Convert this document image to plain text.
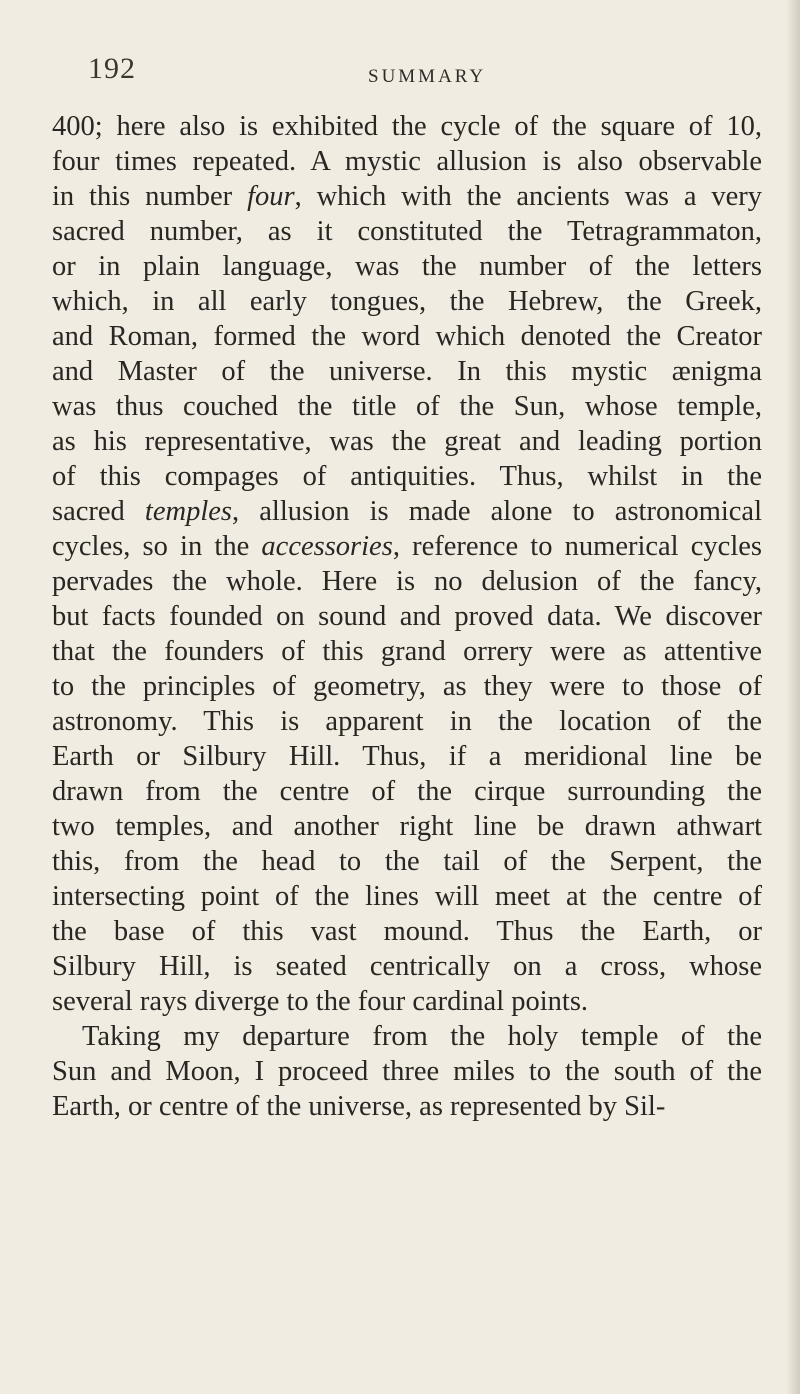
192	SUMMARY
400; here also is exhibited the cycle of the square of 10,
four times repeated. A mystic allusion is also observable
in this number four, which with the ancients was a very
sacred number, as it constituted the Tetragrammaton,
or in plain language, was the number of the letters
which, in all early tongues, the Hebrew, the Greek,
and Roman, formed the word which denoted the Creator
and Master of the universe. In this mystic ænigma
was thus couched the title of the Sun, whose temple,
as his representative, was the great and leading portion
of this compages of antiquities. Thus, whilst in the
sacred temples, allusion is made alone to astronomical
cycles, so in the accessories, reference to numerical cycles
pervades the whole. Here is no delusion of the fancy,
but facts founded on sound and proved data. We discover
that the founders of this grand orrery were as attentive
to the principles of geometry, as they were to those of
astronomy. This is apparent in the location of the
Earth or Silbury Hill. Thus, if a meridional line be
drawn from the centre of the cirque surrounding the
two temples, and another right line be drawn athwart
this, from the head to the tail of the Serpent, the
intersecting point of the lines will meet at the centre of
the base of this vast mound. Thus the Earth, or
Silbury Hill, is seated centrically on a cross, whose
several rays diverge to the four cardinal points.
Taking my departure from the holy temple of the
Sun and Moon, I proceed three miles to the south of the
Earth, or centre of the universe, as represented by Sil-
